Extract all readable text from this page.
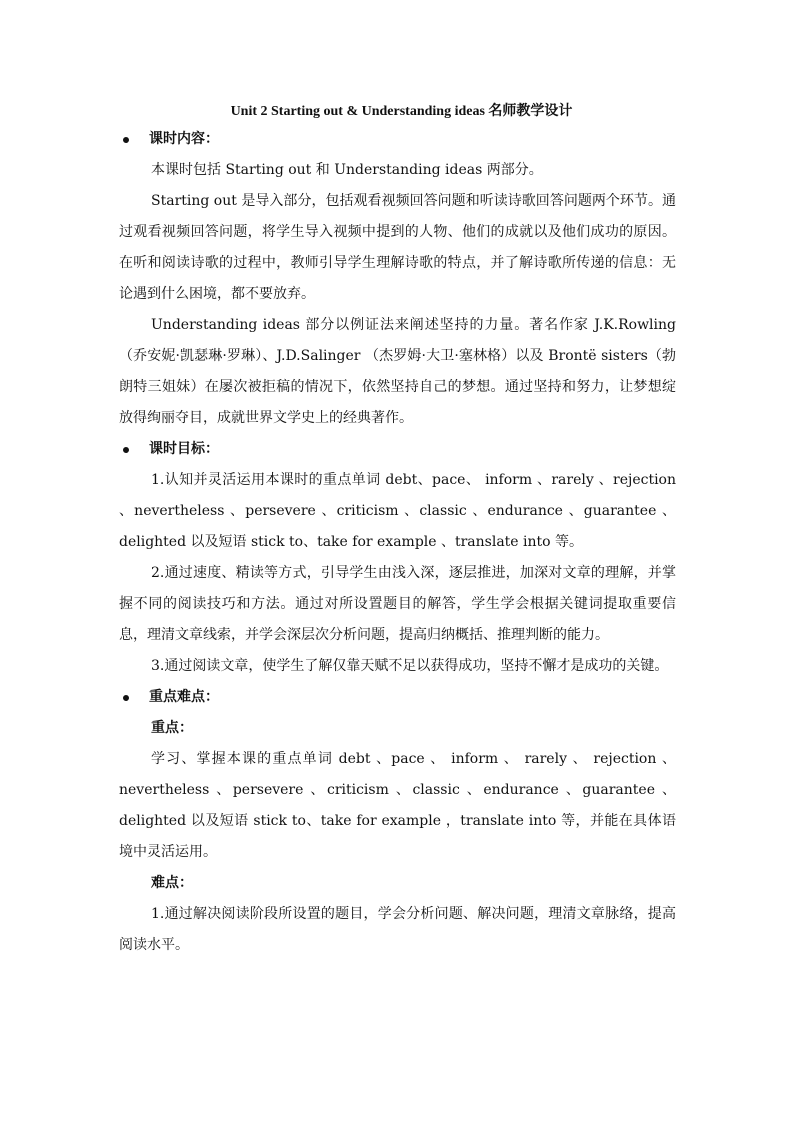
Unit 2 Starting out & Understanding ideas 名师教学设计
课时内容：

本课时包括 Starting out 和 Understanding ideas 两部分。

Starting out 是导入部分，包括观看视频回答问题和听读诗歌回答问题两个环节。通过观看视频回答问题，将学生导入视频中提到的人物、他们的成就以及他们成功的原因。在听和阅读诗歌的过程中，教师引导学生理解诗歌的特点，并了解诗歌所传递的信息：无论遇到什么困境，都不要放弃。

Understanding ideas 部分以例证法来阐述坚持的力量。著名作家 J.K.Rowling（乔安妮·凯瑟琳·罗琳）、J.D.Salinger （杰罗姆·大卫·塞林格）以及 Brontë sisters（勃朗特三姐妹）在屡次被拒稿的情况下，依然坚持自己的梦想。通过坚持和努力，让梦想绽放得绚丽夺目，成就世界文学史上的经典著作。

课时目标：

1.认知并灵活运用本课时的重点单词 debt、pace、 inform 、rarely 、rejection 、nevertheless 、persevere 、criticism 、classic 、endurance 、guarantee 、delighted 以及短语 stick to、take for example 、translate into 等。

2.通过速度、精读等方式，引导学生由浅入深，逐层推进，加深对文章的理解，并掌握不同的阅读技巧和方法。通过对所设置题目的解答，学生学会根据关键词提取重要信息，理清文章线索，并学会深层次分析问题，提高归纳概括、推理判断的能力。

3.通过阅读文章，使学生了解仅靠天赋不足以获得成功，坚持不懈才是成功的关键。

重点难点：
重点：

学习、掌握本课的重点单词 debt 、pace 、 inform 、 rarely 、 rejection 、nevertheless 、persevere 、criticism 、classic 、endurance 、guarantee 、delighted 以及短语 stick to、take for example ，translate into 等，并能在具体语境中灵活运用。

难点：

1.通过解决阅读阶段所设置的题目，学会分析问题、解决问题，理清文章脉络，提高阅读水平。
